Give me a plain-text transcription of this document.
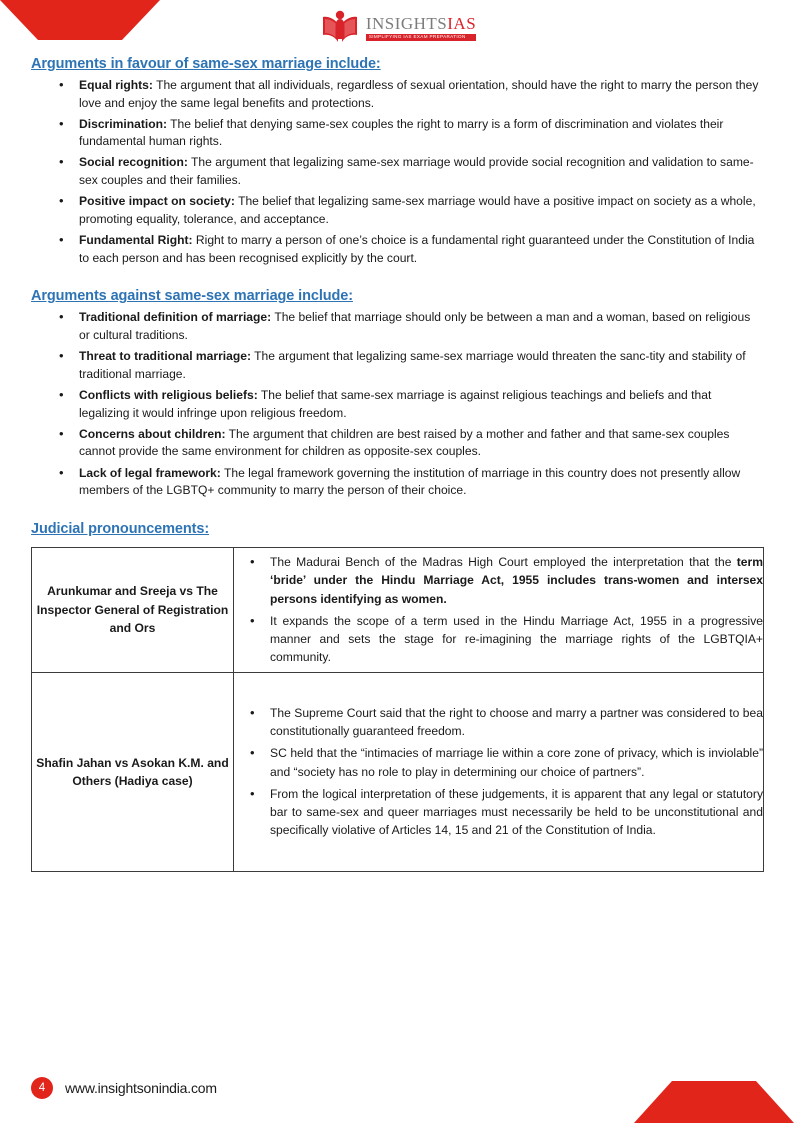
INSIGHTSIAS
SIMPLIFYING IAS EXAM PREPARATION
Arguments in favour of same-sex marriage include:
• Equal rights: The argument that all individuals, regardless of sexual orientation, should have the right to marry the person they love and enjoy the same legal benefits and protections.
• Discrimination: The belief that denying same-sex couples the right to marry is a form of discrimination and violates their fundamental human rights.
• Social recognition: The argument that legalizing same-sex marriage would provide social recognition and validation to same-sex couples and their families.
• Positive impact on society: The belief that legalizing same-sex marriage would have a positive impact on society as a whole, promoting equality, tolerance, and acceptance.
• Fundamental Right: Right to marry a person of one’s choice is a fundamental right guaranteed under the Constitution of India to each person and has been recognised explicitly by the court.
Arguments against same-sex marriage include:
• Traditional definition of marriage: The belief that marriage should only be between a man and a woman, based on religious or cultural traditions.
• Threat to traditional marriage: The argument that legalizing same-sex marriage would threaten the sanc-tity and stability of traditional marriage.
• Conflicts with religious beliefs: The belief that same-sex marriage is against religious teachings and beliefs and that legalizing it would infringe upon religious freedom.
• Concerns about children: The argument that children are best raised by a mother and father and that same-sex couples cannot provide the same environment for children as opposite-sex couples.
• Lack of legal framework: The legal framework governing the institution of marriage in this country does not presently allow members of the LGBTQ+ community to marry the person of their choice.
Judicial pronouncements:
Arunkumar and Sreeja vs The Inspector General of Registration and Ors	
• The Madurai Bench of the Madras High Court employed the interpretation that the term ‘bride’ under the Hindu Marriage Act, 1955 includes trans-women and intersex persons identifying as women.
• It expands the scope of a term used in the Hindu Marriage Act, 1955 in a progressive manner and sets the stage for re-imagining the marriage rights of the LGBTQIA+ community.

Shafin Jahan vs Asokan K.M. and Others (Hadiya case)	
• The Supreme Court said that the right to choose and marry a partner was considered to bea constitutionally guaranteed freedom.
• SC held that the “intimacies of marriage lie within a core zone of privacy, which is inviolable” and “society has no role to play in determining our choice of partners”.
• From the logical interpretation of these judgements, it is apparent that any legal or statutory bar to same-sex and queer marriages must necessarily be held to be unconstitutional and specifically violative of Articles 14, 15 and 21 of the Constitution of India.
4	www.insightsonindia.com
